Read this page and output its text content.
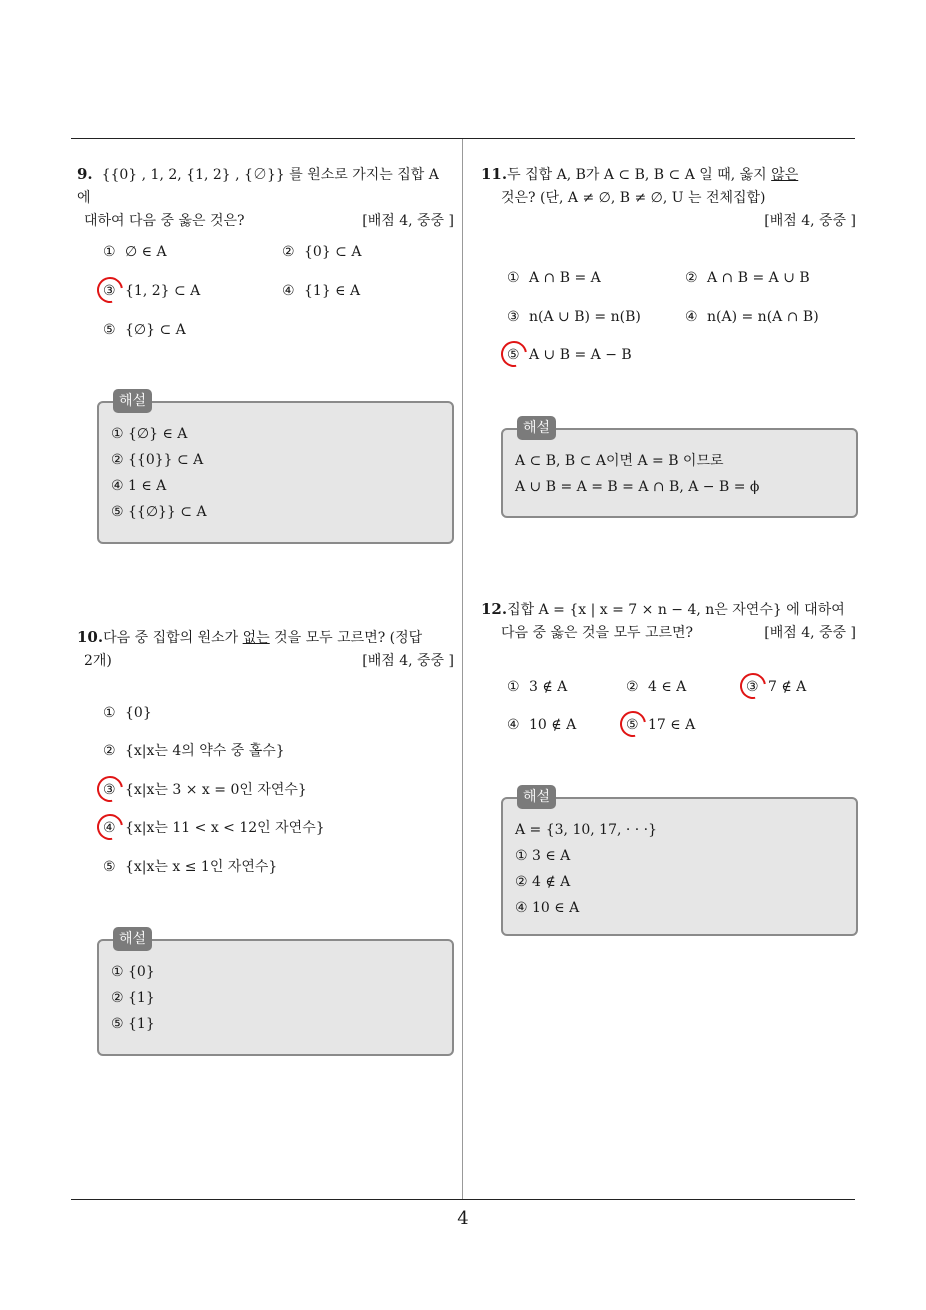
4
9. {{0} , 1, 2, {1, 2} , {∅}} 를 원소로 가지는 집합 A 에
대하여 다음 중 옳은 것은?	[배점 4, 중중 ]
① ∅ ∈ A	② {0} ⊂ A
③ {1, 2} ⊂ A	④ {1} ∈ A
⑤ {∅} ⊂ A
해설
① {∅} ∈ A
② {{0}} ⊂ A
④ 1 ∈ A
⑤ {{∅}} ⊂ A
10.다음 중 집합의 원소가 없는 것을 모두 고르면? (정답
2개)	[배점 4, 중중 ]
① {0}
② {x|x는 4의 약수 중 홀수}
③ {x|x는 3 × x = 0인 자연수}
④ {x|x는 11 < x < 12인 자연수}
⑤ {x|x는 x ≤ 1인 자연수}
해설
① {0}
② {1}
⑤ {1}
11.두 집합 A, B가 A ⊂ B, B ⊂ A 일 때, 옳지 않은
것은? (단, A ≠ ∅, B ≠ ∅, U 는 전체집합)
[배점 4, 중중 ]
① A ∩ B = A	② A ∩ B = A ∪ B
③ n(A ∪ B) = n(B)	④ n(A) = n(A ∩ B)
⑤ A ∪ B = A − B
해설
A ⊂ B, B ⊂ A이면 A = B 이므로
A ∪ B = A = B = A ∩ B, A − B = ϕ
12.집합 A = {x | x = 7 × n − 4, n은 자연수} 에 대하여
다음 중 옳은 것을 모두 고르면?	[배점 4, 중중 ]
① 3 ∉ A	② 4 ∈ A	③ 7 ∉ A
④ 10 ∉ A	⑤ 17 ∈ A
해설
A = {3, 10, 17, · · ·}
① 3 ∈ A
② 4 ∉ A
④ 10 ∈ A
